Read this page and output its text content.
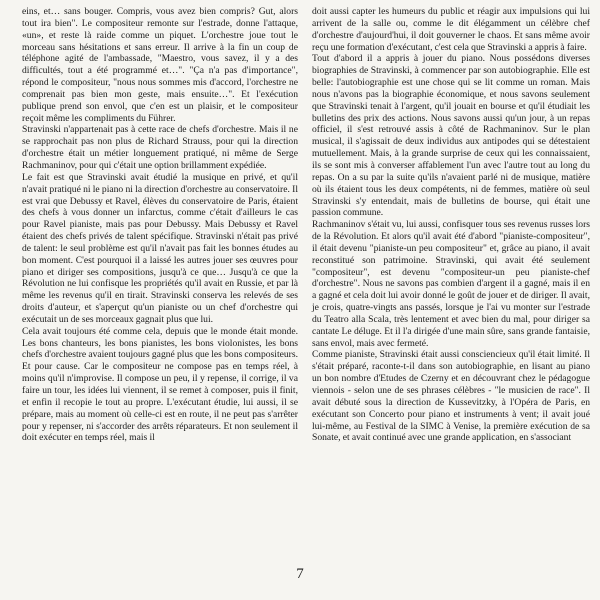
eins, et… sans bouger. Compris, vous avez bien compris? Gut, alors tout ira bien". Le compositeur remonte sur l'estrade, donne l'attaque, «un», et reste là raide comme un piquet. L'orchestre joue tout le morceau sans hésitations et sans erreur. Il arrive à la fin un coup de téléphone agité de l'ambassade, "Maestro, vous savez, il y a des difficultés, tout a été programmé et…". "Ça n'a pas d'importance", répond le compositeur, "nous nous sommes mis d'accord, l'orchestre ne comprenait pas bien mon geste, mais ensuite…". Et l'exécution publique prend son envol, que c'en est un plaisir, et le compositeur reçoit même les compliments du Führer.

Stravinski n'appartenait pas à cette race de chefs d'orchestre. Mais il ne se rapprochait pas non plus de Richard Strauss, pour qui la direction d'orchestre était un métier longuement pratiqué, ni même de Serge Rachmaninov, pour qui c'était une option brillamment expédiée.

Le fait est que Stravinski avait étudié la musique en privé, et qu'il n'avait pratiqué ni le piano ni la direction d'orchestre au conservatoire. Il est vrai que Debussy et Ravel, élèves du conservatoire de Paris, étaient des chefs à vous donner un infarctus, comme c'était d'ailleurs le cas pour Ravel pianiste, mais pas pour Debussy. Mais Debussy et Ravel étaient des chefs privés de talent spécifique. Stravinski n'était pas privé de talent: le seul problème est qu'il n'avait pas fait les bonnes études au bon moment. C'est pourquoi il a laissé les autres jouer ses œuvres pour piano et diriger ses compositions, jusqu'à ce que… Jusqu'à ce que la Révolution ne lui confisque les propriétés qu'il avait en Russie, et par là même les revenus qu'il en tirait. Stravinski conserva les relevés de ses droits d'auteur, et s'aperçut qu'un pianiste ou un chef d'orchestre qui exécutait un de ses morceaux gagnait plus que lui.

Cela avait toujours été comme cela, depuis que le monde était monde. Les bons chanteurs, les bons pianistes, les bons violonistes, les bons chefs d'orchestre avaient toujours gagné plus que les bons compositeurs. Et pour cause. Car le compositeur ne compose pas en temps réel, à moins qu'il n'improvise. Il compose un peu, il y repense, il corrige, il va faire un tour, les idées lui viennent, il se remet à composer, puis il finit, et enfin il recopie le tout au propre. L'exécutant étudie, lui aussi, il se prépare, mais au moment où celle-ci est en route, il ne peut pas s'arrêter pour y repenser, ni s'accorder des arrêts réparateurs. Et non seulement il doit exécuter en temps réel, mais il

doit aussi capter les humeurs du public et réagir aux impulsions qui lui arrivent de la salle ou, comme le dit élégamment un célèbre chef d'orchestre d'aujourd'hui, il doit gouverner le chaos. Et sans même avoir reçu une formation d'exécutant, c'est cela que Stravinski a appris à faire.

Tout d'abord il a appris à jouer du piano. Nous possédons diverses biographies de Stravinski, à commencer par son autobiographie. Elle est belle: l'autobiographie est une chose qui se lit comme un roman. Mais nous n'avons pas la biographie économique, et nous savons seulement que Stravinski tenait à l'argent, qu'il jouait en bourse et qu'il étudiait les bulletins des prix des actions. Nous savons aussi qu'un jour, à un repas officiel, il s'est retrouvé assis à côté de Rachmaninov. Sur le plan musical, il s'agissait de deux individus aux antipodes qui se détestaient mutuellement. Mais, à la grande surprise de ceux qui les connaissaient, ils se sont mis à converser affablement l'un avec l'autre tout au long du repas. On a su par la suite qu'ils n'avaient parlé ni de musique, matière où ils étaient tous les deux compétents, ni de femmes, matière où seul Stravinski s'y entendait, mais de bulletins de bourse, qui était une passion commune.

Rachmaninov s'était vu, lui aussi, confisquer tous ses revenus russes lors de la Révolution. Et alors qu'il avait été d'abord "pianiste-compositeur", il était devenu "pianiste-un peu compositeur" et, grâce au piano, il avait reconstitué son patrimoine. Stravinski, qui avait été seulement "compositeur", est devenu "compositeur-un peu pianiste-chef d'orchestre". Nous ne savons pas combien d'argent il a gagné, mais il en a gagné et cela doit lui avoir donné le goût de jouer et de diriger. Il avait, je crois, quatre-vingts ans passés, lorsque je l'ai vu monter sur l'estrade du Teatro alla Scala, très lentement et avec bien du mal, pour diriger sa cantate Le déluge. Et il l'a dirigée d'une main sûre, sans grande fantaisie, sans envol, mais avec fermeté.

Comme pianiste, Stravinski était aussi consciencieux qu'il était limité. Il s'était préparé, raconte-t-il dans son autobiographie, en lisant au piano un bon nombre d'Etudes de Czerny et en découvrant chez le pédagogue viennois - selon une de ses phrases célèbres - "le musicien de race". Il avait débuté sous la direction de Kussevitzky, à l'Opéra de Paris, en exécutant son Concerto pour piano et instruments à vent; il avait joué lui-même, au Festival de la SIMC à Venise, la première exécution de sa Sonate, et avait continué avec une grande application, en s'associant

7
